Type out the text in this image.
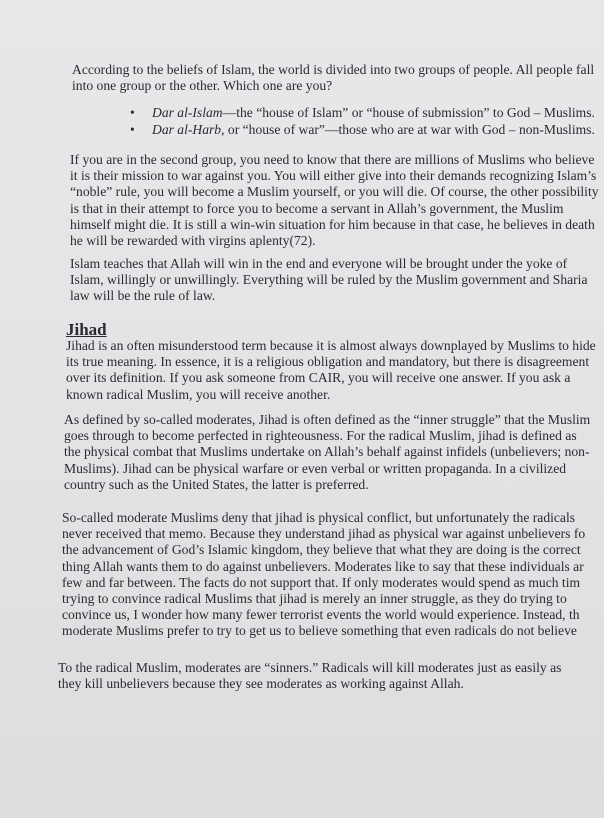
According to the beliefs of Islam, the world is divided into two groups of people. All people fall
into one group or the other. Which one are you?

• Dar al-Islam—the “house of Islam” or “house of submission” to God – Muslims.
• Dar al-Harb, or “house of war”—those who are at war with God – non-Muslims.

If you are in the second group, you need to know that there are millions of Muslims who believe
it is their mission to war against you. You will either give into their demands recognizing Islam’s
“noble” rule, you will become a Muslim yourself, or you will die. Of course, the other possibility
is that in their attempt to force you to become a servant in Allah’s government, the Muslim
himself might die. It is still a win-win situation for him because in that case, he believes in death
he will be rewarded with virgins aplenty(72).

Islam teaches that Allah will win in the end and everyone will be brought under the yoke of
Islam, willingly or unwillingly. Everything will be ruled by the Muslim government and Sharia
law will be the rule of law.

Jihad

Jihad is an often misunderstood term because it is almost always downplayed by Muslims to hide
its true meaning. In essence, it is a religious obligation and mandatory, but there is disagreement
over its definition. If you ask someone from CAIR, you will receive one answer. If you ask a
known radical Muslim, you will receive another.

As defined by so-called moderates, Jihad is often defined as the “inner struggle” that the Muslim
goes through to become perfected in righteousness. For the radical Muslim, jihad is defined as
the physical combat that Muslims undertake on Allah’s behalf against infidels (unbelievers; non-
Muslims). Jihad can be physical warfare or even verbal or written propaganda. In a civilized
country such as the United States, the latter is preferred.

So-called moderate Muslims deny that jihad is physical conflict, but unfortunately the radicals
never received that memo. Because they understand jihad as physical war against unbelievers fo
the advancement of God’s Islamic kingdom, they believe that what they are doing is the correct
thing Allah wants them to do against unbelievers. Moderates like to say that these individuals ar
few and far between. The facts do not support that. If only moderates would spend as much tim
trying to convince radical Muslims that jihad is merely an inner struggle, as they do trying to
convince us, I wonder how many fewer terrorist events the world would experience. Instead, th
moderate Muslims prefer to try to get us to believe something that even radicals do not believe

To the radical Muslim, moderates are “sinners.” Radicals will kill moderates just as easily as
they kill unbelievers because they see moderates as working against Allah.
